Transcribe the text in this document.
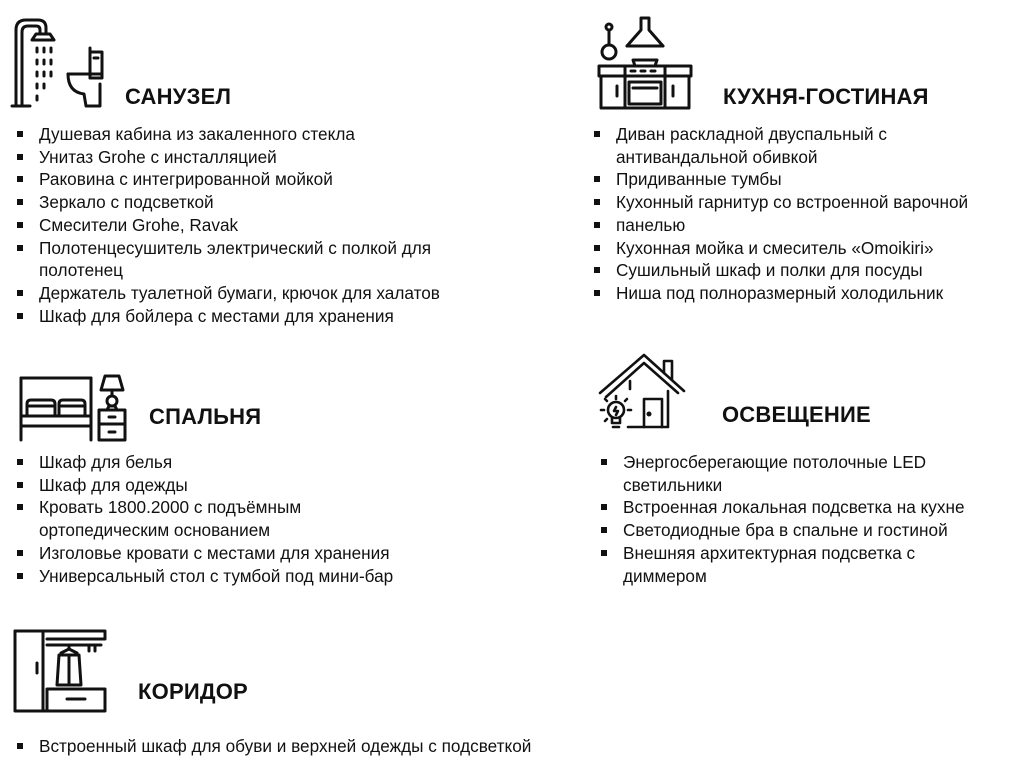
САНУЗЕЛ
Душевая кабина из закаленного стекла
Унитаз Grohe с инсталляцией
Раковина с интегрированной мойкой
Зеркало с подсветкой
Смесители Grohe, Ravak
Полотенцесушитель электрический с полкой для
полотенец
Держатель туалетной бумаги, крючок для халатов
Шкаф для бойлера с местами для хранения
КУХНЯ-ГОСТИНАЯ
Диван раскладной двуспальный с
антивандальной обивкой
Придиванные тумбы
Кухонный гарнитур со встроенной варочной
панелью
Кухонная мойка и смеситель «Omoikiri»
Сушильный шкаф и полки для посуды
Ниша под полноразмерный холодильник
СПАЛЬНЯ
Шкаф для белья
Шкаф для одежды
Кровать 1800.2000 с подъёмным
ортопедическим основанием
Изголовье кровати с местами для хранения
Универсальный стол с тумбой под мини-бар
ОСВЕЩЕНИЕ
Энергосберегающие потолочные LED
светильники
Встроенная локальная подсветка на кухне
Светодиодные бра в спальне и гостиной
Внешняя архитектурная подсветка с
диммером
КОРИДОР
Встроенный шкаф для обуви и верхней одежды с подсветкой
